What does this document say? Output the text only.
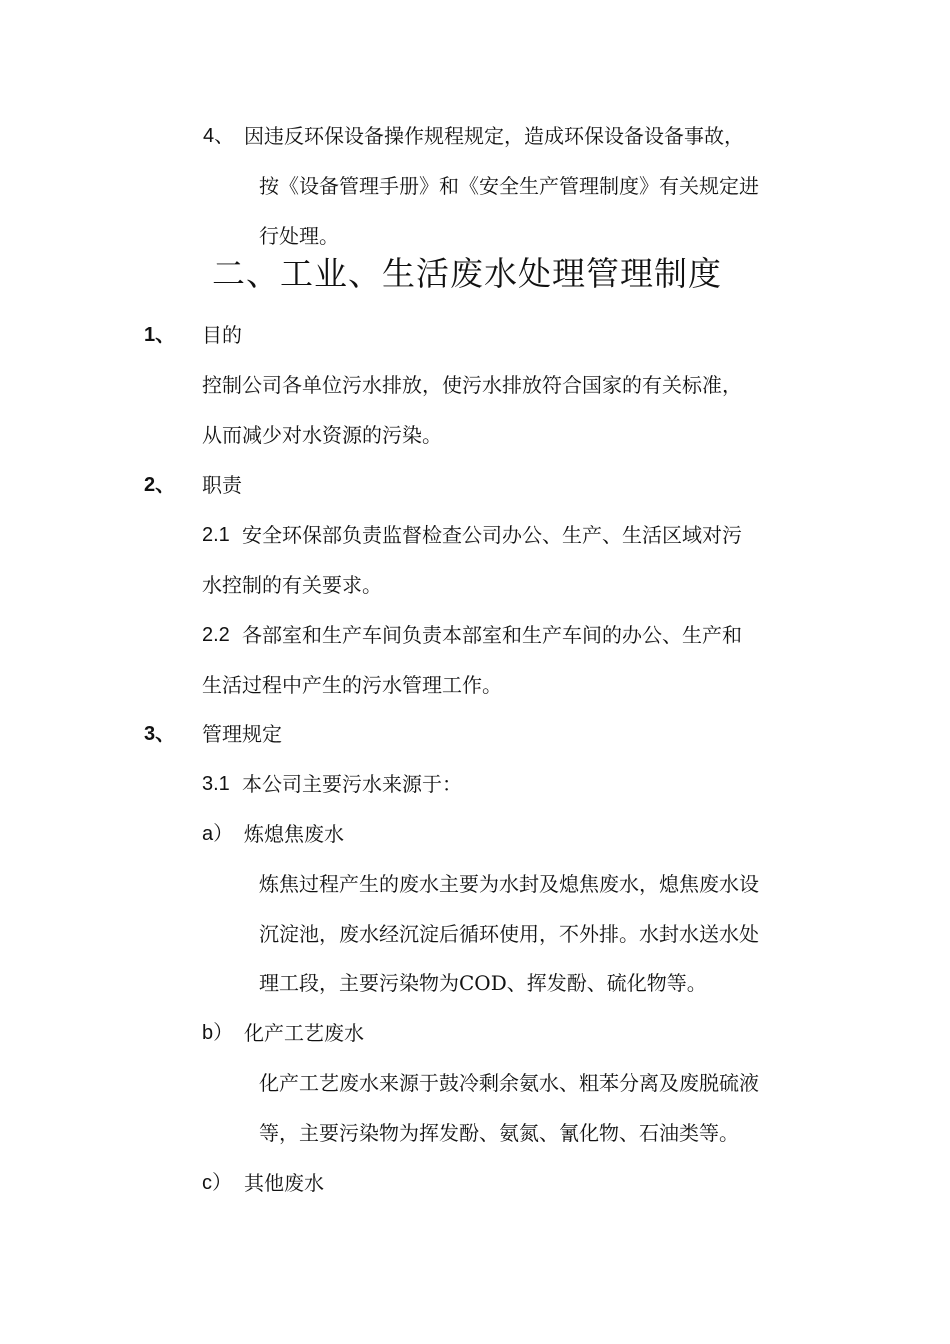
4、 因违反环保设备操作规程规定，造成环保设备设备事故，
按《设备管理手册》和《安全生产管理制度》有关规定进
行处理。
二、工业、生活废水处理管理制度
1、 目的
控制公司各单位污水排放，使污水排放符合国家的有关标准，
从而减少对水资源的污染。
2、 职责
2.1 安全环保部负责监督检查公司办公、生产、生活区域对污
水控制的有关要求。
2.2 各部室和生产车间负责本部室和生产车间的办公、生产和
生活过程中产生的污水管理工作。
3、 管理规定
3.1 本公司主要污水来源于：
a） 炼熄焦废水
炼焦过程产生的废水主要为水封及熄焦废水，熄焦废水设
沉淀池，废水经沉淀后循环使用，不外排。水封水送水处
理工段，主要污染物为COD、挥发酚、硫化物等。
b） 化产工艺废水
化产工艺废水来源于鼓冷剩余氨水、粗苯分离及废脱硫液
等，主要污染物为挥发酚、氨氮、氰化物、石油类等。
c） 其他废水
